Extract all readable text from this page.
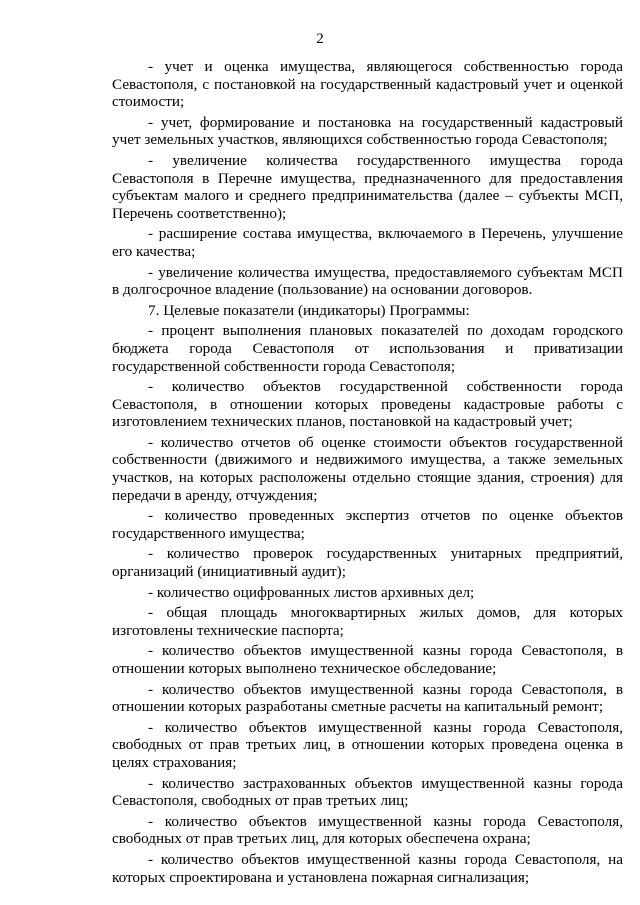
2

- учет и оценка имущества, являющегося собственностью города Севастополя, с постановкой на государственный кадастровый учет и оценкой стоимости;

- учет, формирование и постановка на государственный кадастровый учет земельных участков, являющихся собственностью города Севастополя;

- увеличение количества государственного имущества города Севастополя в Перечне имущества, предназначенного для предоставления субъектам малого и среднего предпринимательства (далее – субъекты МСП, Перечень соответственно);

- расширение состава имущества, включаемого в Перечень, улучшение его качества;

- увеличение количества имущества, предоставляемого субъектам МСП в долгосрочное владение (пользование) на основании договоров.

7. Целевые показатели (индикаторы) Программы:

- процент выполнения плановых показателей по доходам городского бюджета города Севастополя от использования и приватизации государственной собственности города Севастополя;

- количество объектов государственной собственности города Севастополя, в отношении которых проведены кадастровые работы с изготовлением технических планов, постановкой на кадастровый учет;

- количество отчетов об оценке стоимости объектов государственной собственности (движимого и недвижимого имущества, а также земельных участков, на которых расположены отдельно стоящие здания, строения) для передачи в аренду, отчуждения;

- количество проведенных экспертиз отчетов по оценке объектов государственного имущества;

- количество проверок государственных унитарных предприятий, организаций (инициативный аудит);

- количество оцифрованных листов архивных дел;

- общая площадь многоквартирных жилых домов, для которых изготовлены технические паспорта;

- количество объектов имущественной казны города Севастополя, в отношении которых выполнено техническое обследование;

- количество объектов имущественной казны города Севастополя, в отношении которых разработаны сметные расчеты на капитальный ремонт;

- количество объектов имущественной казны города Севастополя, свободных от прав третьих лиц, в отношении которых проведена оценка в целях страхования;

- количество застрахованных объектов имущественной казны города Севастополя, свободных от прав третьих лиц;

- количество объектов имущественной казны города Севастополя, свободных от прав третьих лиц, для которых обеспечена охрана;

- количество объектов имущественной казны города Севастополя, на которых спроектирована и установлена пожарная сигнализация;
